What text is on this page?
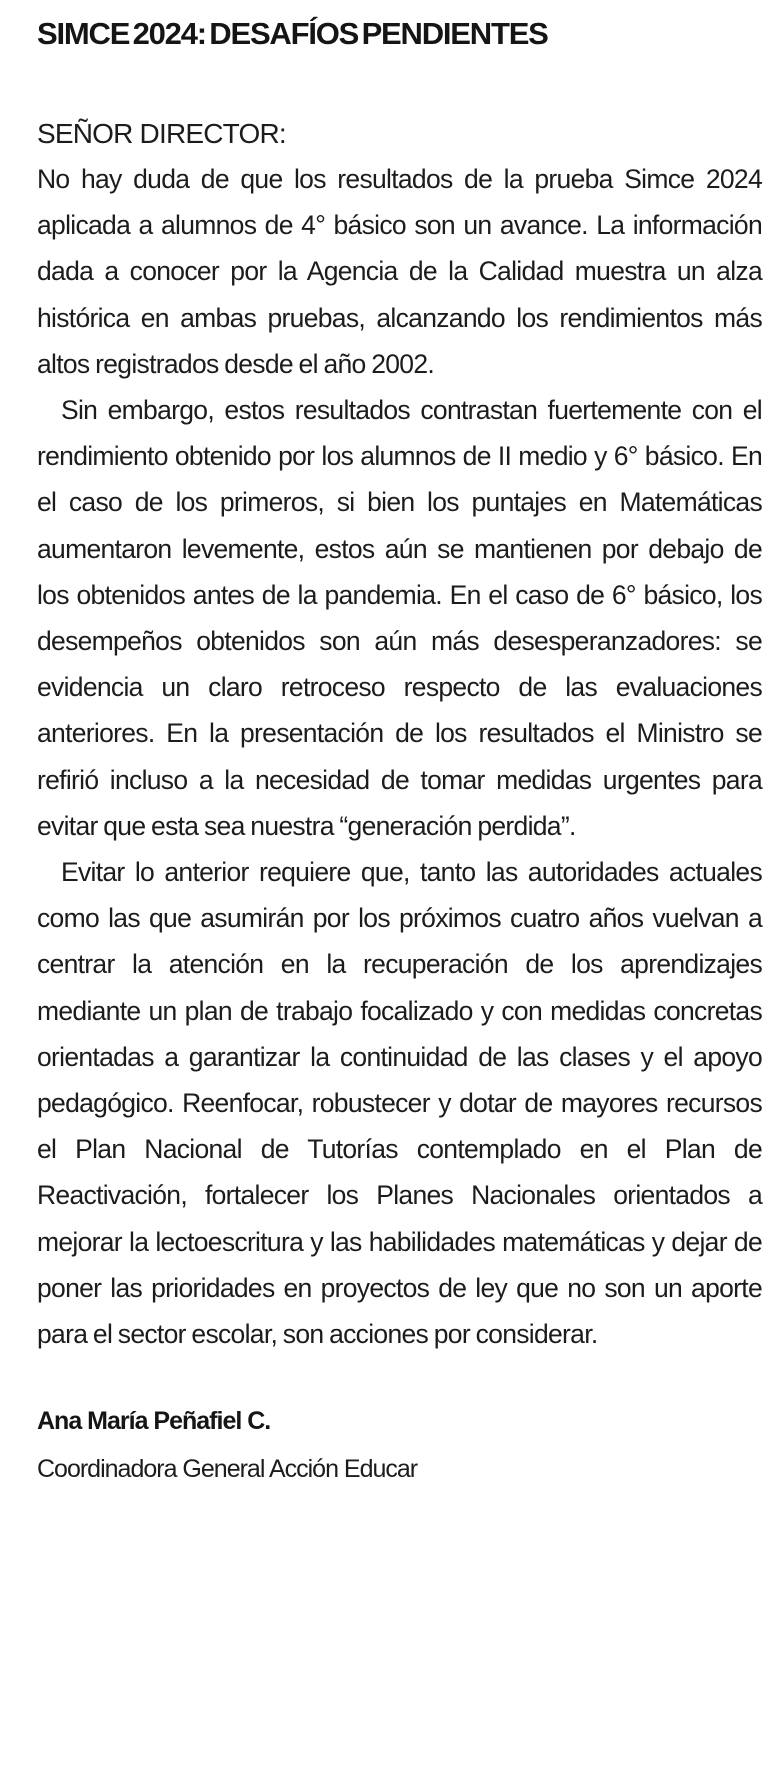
SIMCE 2024: DESAFÍOS PENDIENTES

SEÑOR DIRECTOR:

No hay duda de que los resultados de la prueba Simce 2024 aplicada a alumnos de 4° básico son un avance. La información dada a conocer por la Agencia de la Calidad muestra un alza histórica en ambas pruebas, alcanzando los rendimientos más altos registrados desde el año 2002.

Sin embargo, estos resultados contrastan fuertemente con el rendimiento obtenido por los alumnos de II medio y 6° básico. En el caso de los primeros, si bien los puntajes en Matemáticas aumentaron levemente, estos aún se mantienen por debajo de los obtenidos antes de la pandemia. En el caso de 6° básico, los desempeños obtenidos son aún más desesperanzadores: se evidencia un claro retroceso respecto de las evaluaciones anteriores. En la presentación de los resultados el Ministro se refirió incluso a la necesidad de tomar medidas urgentes para evitar que esta sea nuestra “generación perdida”.

Evitar lo anterior requiere que, tanto las autoridades actuales como las que asumirán por los próximos cuatro años vuelvan a centrar la atención en la recuperación de los aprendizajes mediante un plan de trabajo focalizado y con medidas concretas orientadas a garantizar la continuidad de las clases y el apoyo pedagógico. Reenfocar, robustecer y dotar de mayores recursos el Plan Nacional de Tutorías contemplado en el Plan de Reactivación, fortalecer los Planes Nacionales orientados a mejorar la lectoescritura y las habilidades matemáticas y dejar de poner las prioridades en proyectos de ley que no son un aporte para el sector escolar, son acciones por considerar.

Ana María Peñafiel C.

Coordinadora General Acción Educar
